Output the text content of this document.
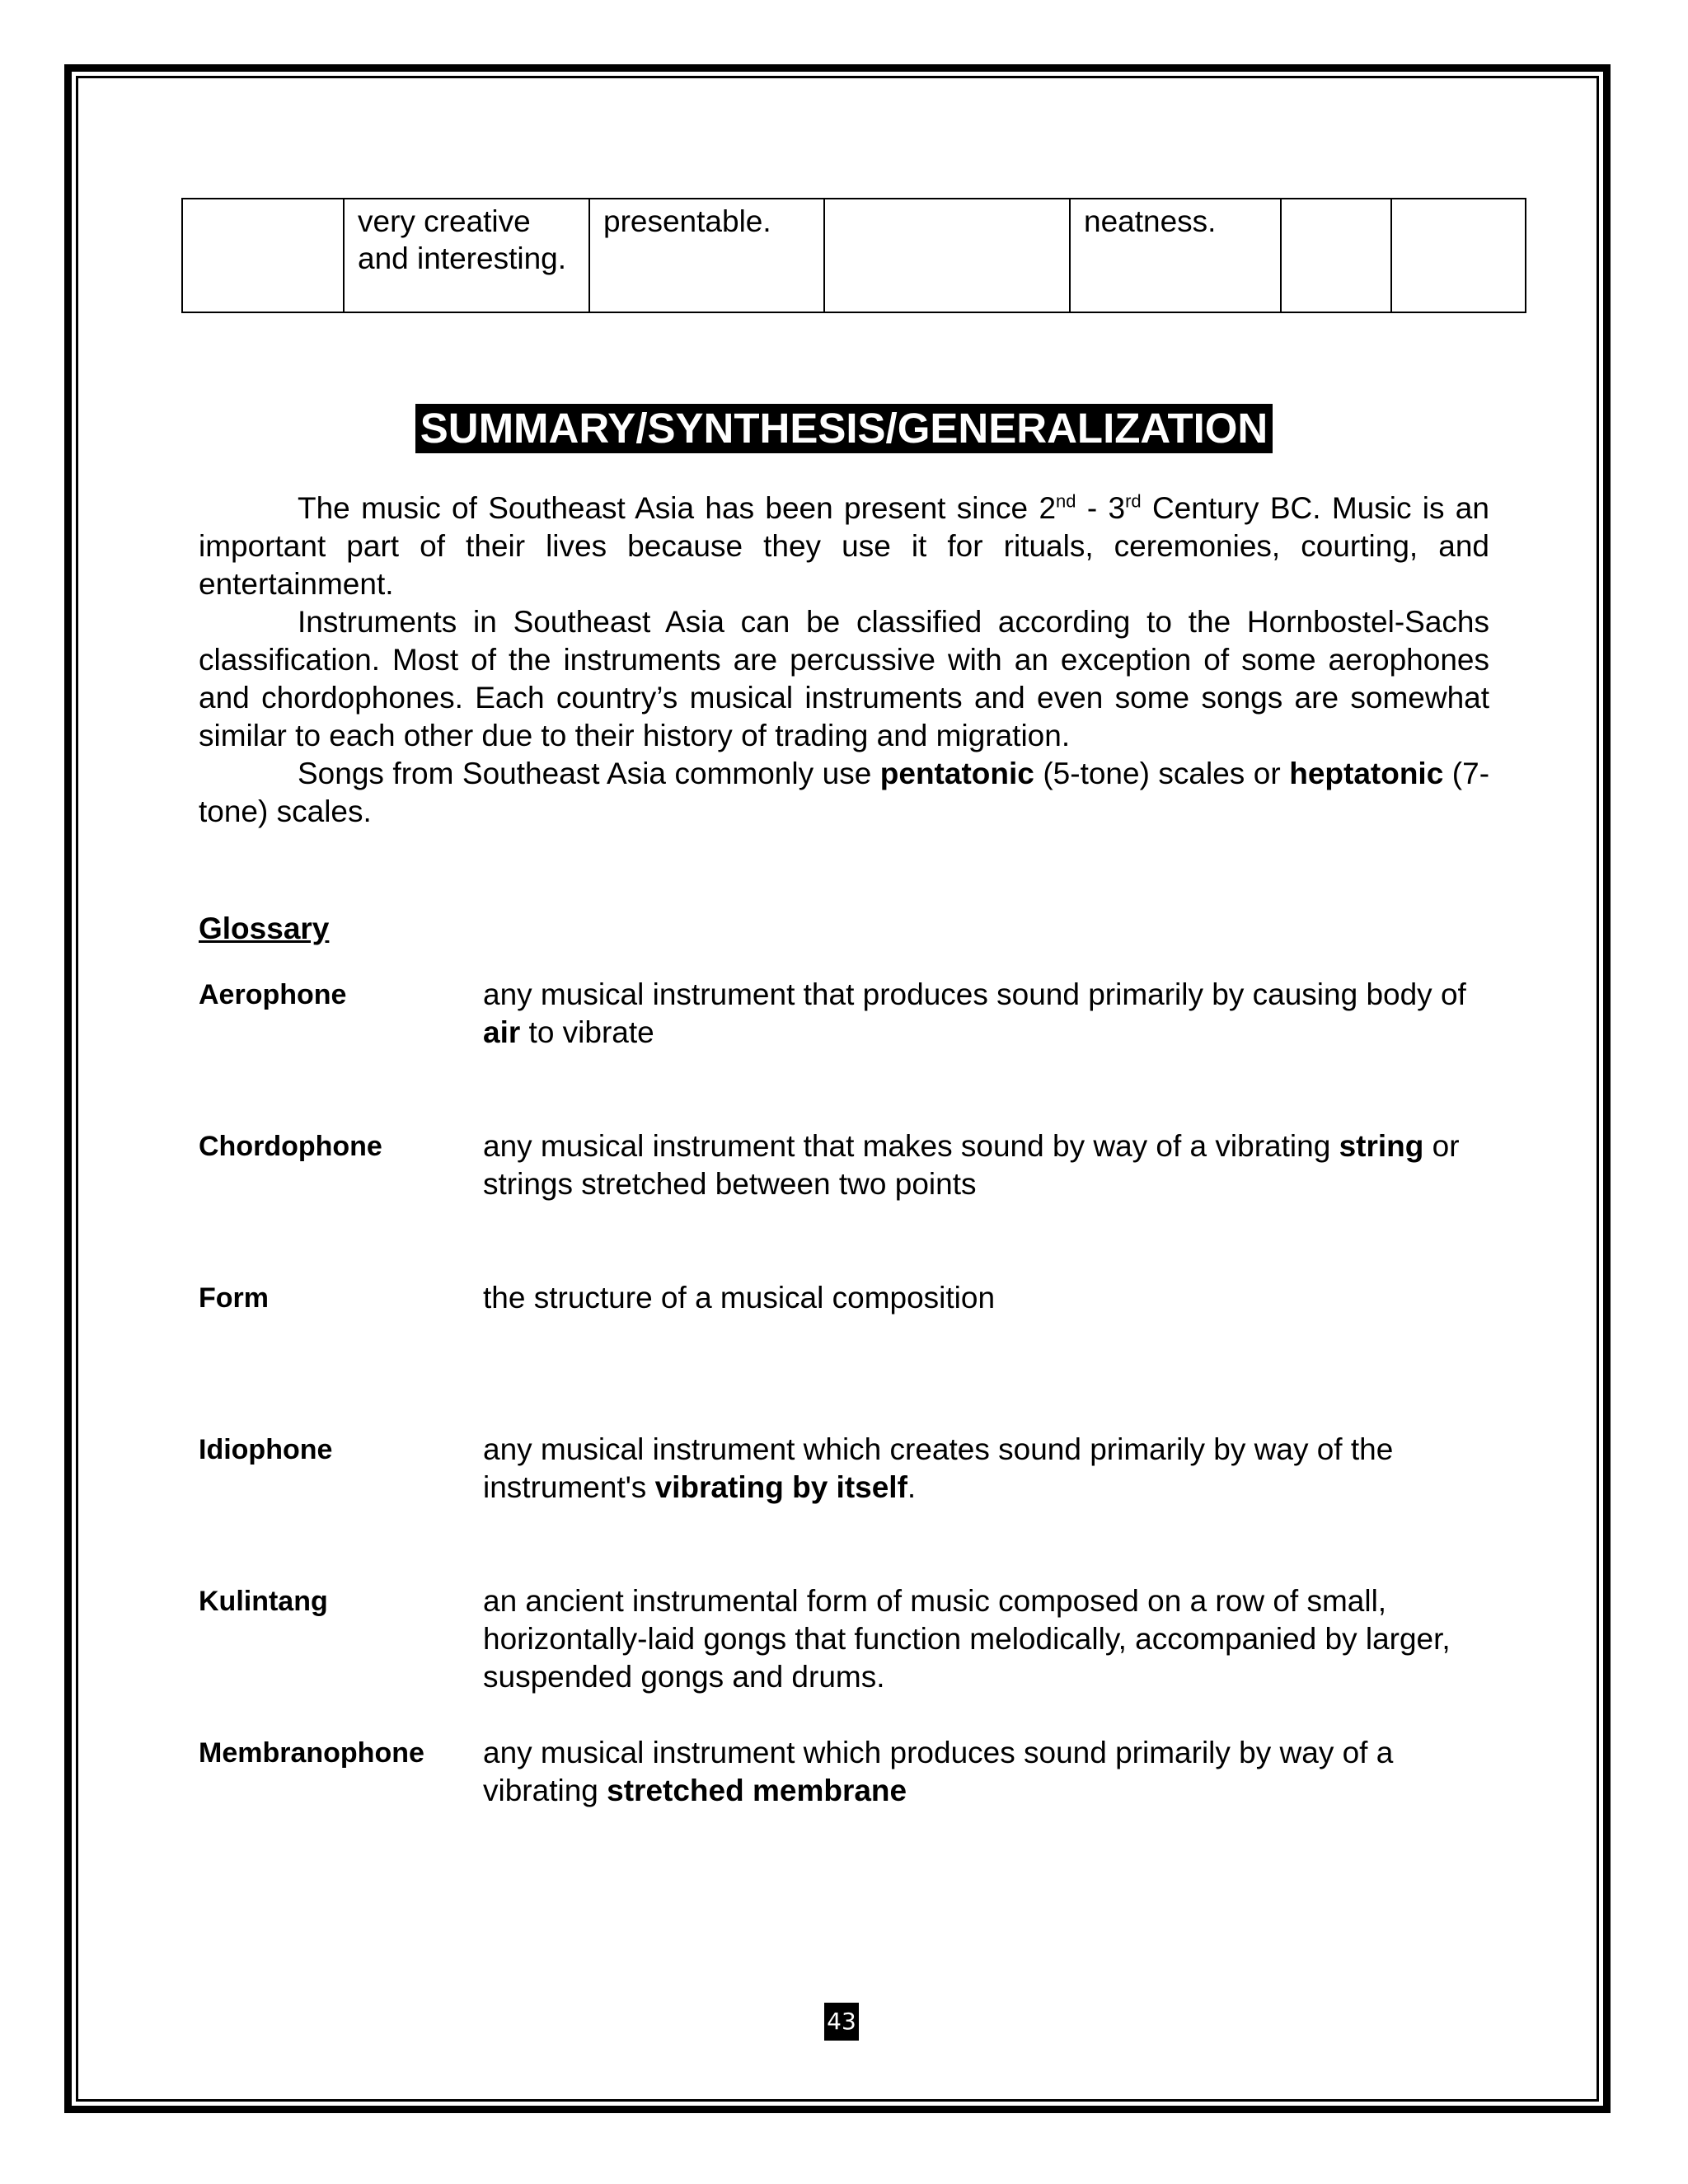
	very creative and interesting.	presentable.		neatness.		
SUMMARY/SYNTHESIS/GENERALIZATION

The music of Southeast Asia has been present since 2nd - 3rd Century BC. Music is an important part of their lives because they use it for rituals, ceremonies, courting, and entertainment.

Instruments in Southeast Asia can be classified according to the Hornbostel-Sachs classification. Most of the instruments are percussive with an exception of some aerophones and chordophones. Each country’s musical instruments and even some songs are somewhat similar to each other due to their history of trading and migration.

Songs from Southeast Asia commonly use pentatonic (5-tone) scales or heptatonic (7-tone) scales.

Glossary
Aerophone	any musical instrument that produces sound primarily by causing body of air to vibrate
Chordophone	any musical instrument that makes sound by way of a vibrating string or strings stretched between two points
Form	the structure of a musical composition
Idiophone	any musical instrument which creates sound primarily by way of the instrument's vibrating by itself.
Kulintang	an ancient instrumental form of music composed on a row of small, horizontally-laid gongs that function melodically, accompanied by larger, suspended gongs and drums.
Membranophone any musical instrument which produces sound primarily by way of a vibrating stretched membrane
43
